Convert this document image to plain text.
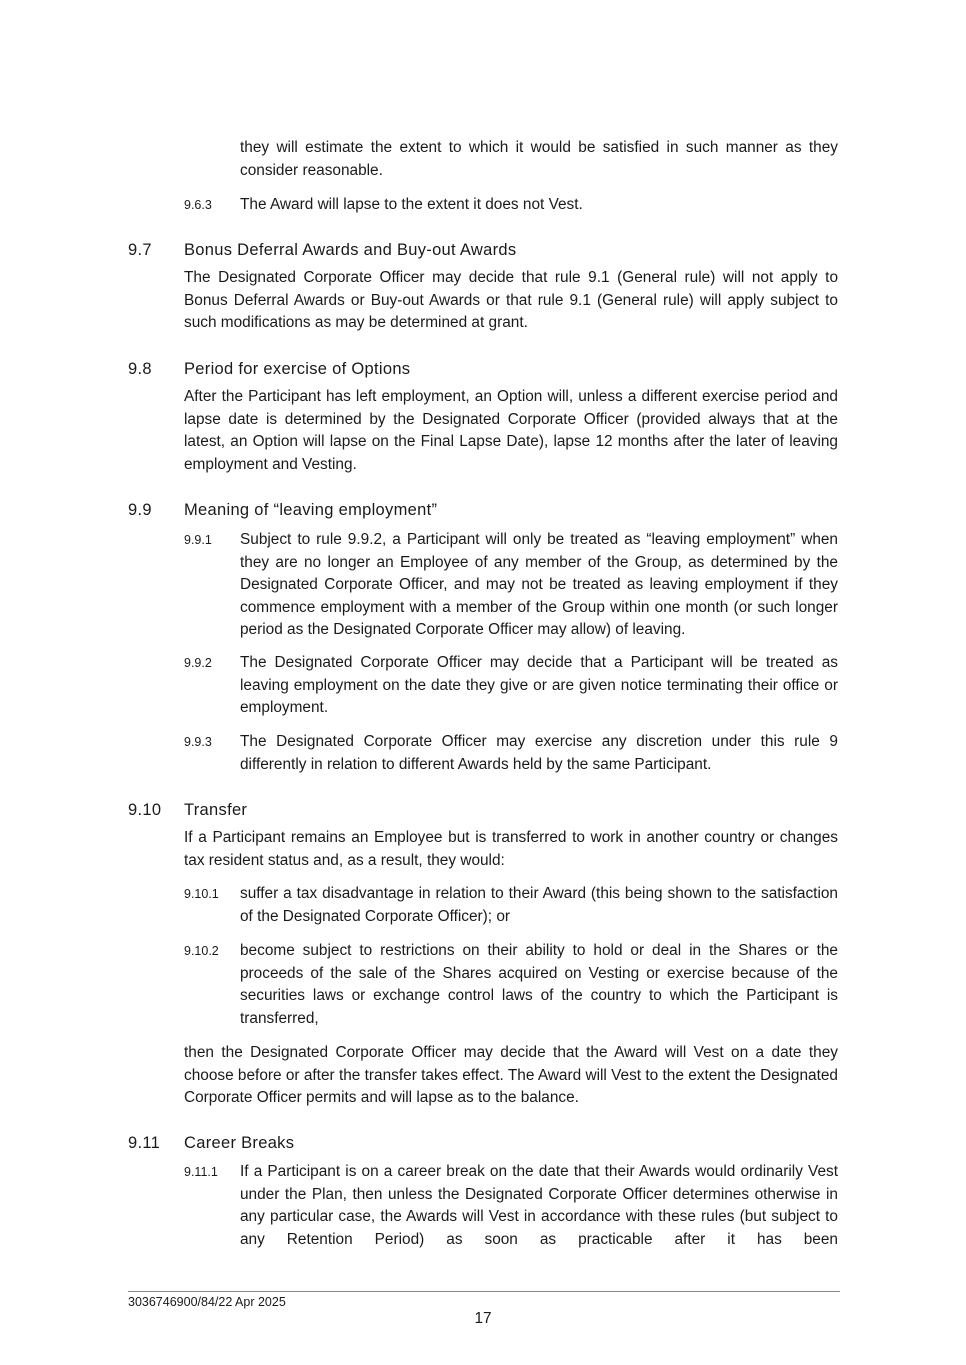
they will estimate the extent to which it would be satisfied in such manner as they consider reasonable.
9.6.3 The Award will lapse to the extent it does not Vest.
9.7 Bonus Deferral Awards and Buy-out Awards
The Designated Corporate Officer may decide that rule 9.1 (General rule) will not apply to Bonus Deferral Awards or Buy-out Awards or that rule 9.1 (General rule) will apply subject to such modifications as may be determined at grant.
9.8 Period for exercise of Options
After the Participant has left employment, an Option will, unless a different exercise period and lapse date is determined by the Designated Corporate Officer (provided always that at the latest, an Option will lapse on the Final Lapse Date), lapse 12 months after the later of leaving employment and Vesting.
9.9 Meaning of “leaving employment”
9.9.1 Subject to rule 9.9.2, a Participant will only be treated as “leaving employment” when they are no longer an Employee of any member of the Group, as determined by the Designated Corporate Officer, and may not be treated as leaving employment if they commence employment with a member of the Group within one month (or such longer period as the Designated Corporate Officer may allow) of leaving.
9.9.2 The Designated Corporate Officer may decide that a Participant will be treated as leaving employment on the date they give or are given notice terminating their office or employment.
9.9.3 The Designated Corporate Officer may exercise any discretion under this rule 9 differently in relation to different Awards held by the same Participant.
9.10 Transfer
If a Participant remains an Employee but is transferred to work in another country or changes tax resident status and, as a result, they would:
9.10.1 suffer a tax disadvantage in relation to their Award (this being shown to the satisfaction of the Designated Corporate Officer); or
9.10.2 become subject to restrictions on their ability to hold or deal in the Shares or the proceeds of the sale of the Shares acquired on Vesting or exercise because of the securities laws or exchange control laws of the country to which the Participant is transferred,
then the Designated Corporate Officer may decide that the Award will Vest on a date they choose before or after the transfer takes effect. The Award will Vest to the extent the Designated Corporate Officer permits and will lapse as to the balance.
9.11 Career Breaks
9.11.1 If a Participant is on a career break on the date that their Awards would ordinarily Vest under the Plan, then unless the Designated Corporate Officer determines otherwise in any particular case, the Awards will Vest in accordance with these rules (but subject to any Retention Period) as soon as practicable after it has been
3036746900/84/22 Apr 2025
17
